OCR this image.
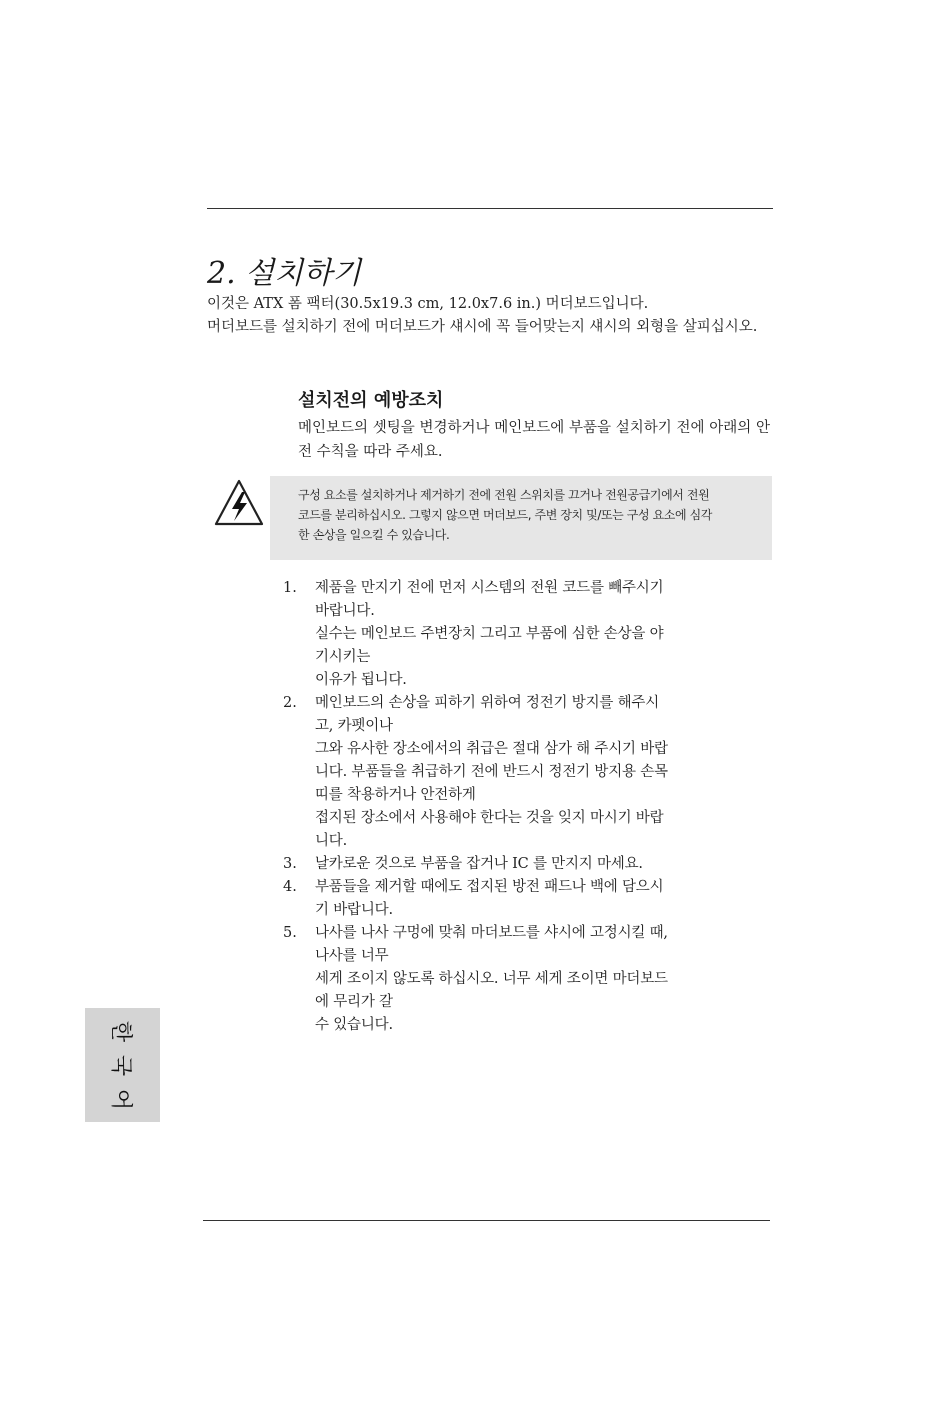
2. 설치하기

이것은 ATX 폼 팩터(30.5x19.3 cm, 12.0x7.6 in.) 머더보드입니다.

머더보드를 설치하기 전에 머더보드가 섀시에 꼭 들어맞는지 섀시의 외형을 살피십시오.

설치전의 예방조치

메인보드의 셋팅을 변경하거나 메인보드에 부품을 설치하기 전에 아래의 안전 수칙을 따라 주세요.

구성 요소를 설치하거나 제거하기 전에 전원 스위치를 끄거나 전원공급기에서 전원
코드를 분리하십시오. 그렇지 않으면 머더보드, 주변 장치 및/또는 구성 요소에 심각
한 손상을 일으킬 수 있습니다.

1.	제품을 만지기 전에 먼저 시스템의 전원 코드를 빼주시기
바랍니다.
실수는 메인보드 주변장치 그리고 부품에 심한 손상을 야
기시키는
이유가 됩니다.
2.	메인보드의 손상을 피하기 위하여 정전기 방지를 해주시
고, 카펫이나
그와 유사한 장소에서의 취급은 절대 삼가 해 주시기 바랍
니다. 부품들을 취급하기 전에 반드시 정전기 방지용 손목
띠를 착용하거나 안전하게
접지된 장소에서 사용해야 한다는 것을 잊지 마시기 바랍
니다.
3.	날카로운 것으로 부품을 잡거나 IC 를 만지지 마세요.
4.	부품들을 제거할 때에도 접지된 방전 패드나 백에 담으시
기 바랍니다.
5.	나사를 나사 구멍에 맞춰 마더보드를 샤시에 고정시킬 때,
나사를 너무
세게 조이지 않도록 하십시오. 너무 세게 조이면 마더보드
에 무리가 갈
수 있습니다.
한
국
어
